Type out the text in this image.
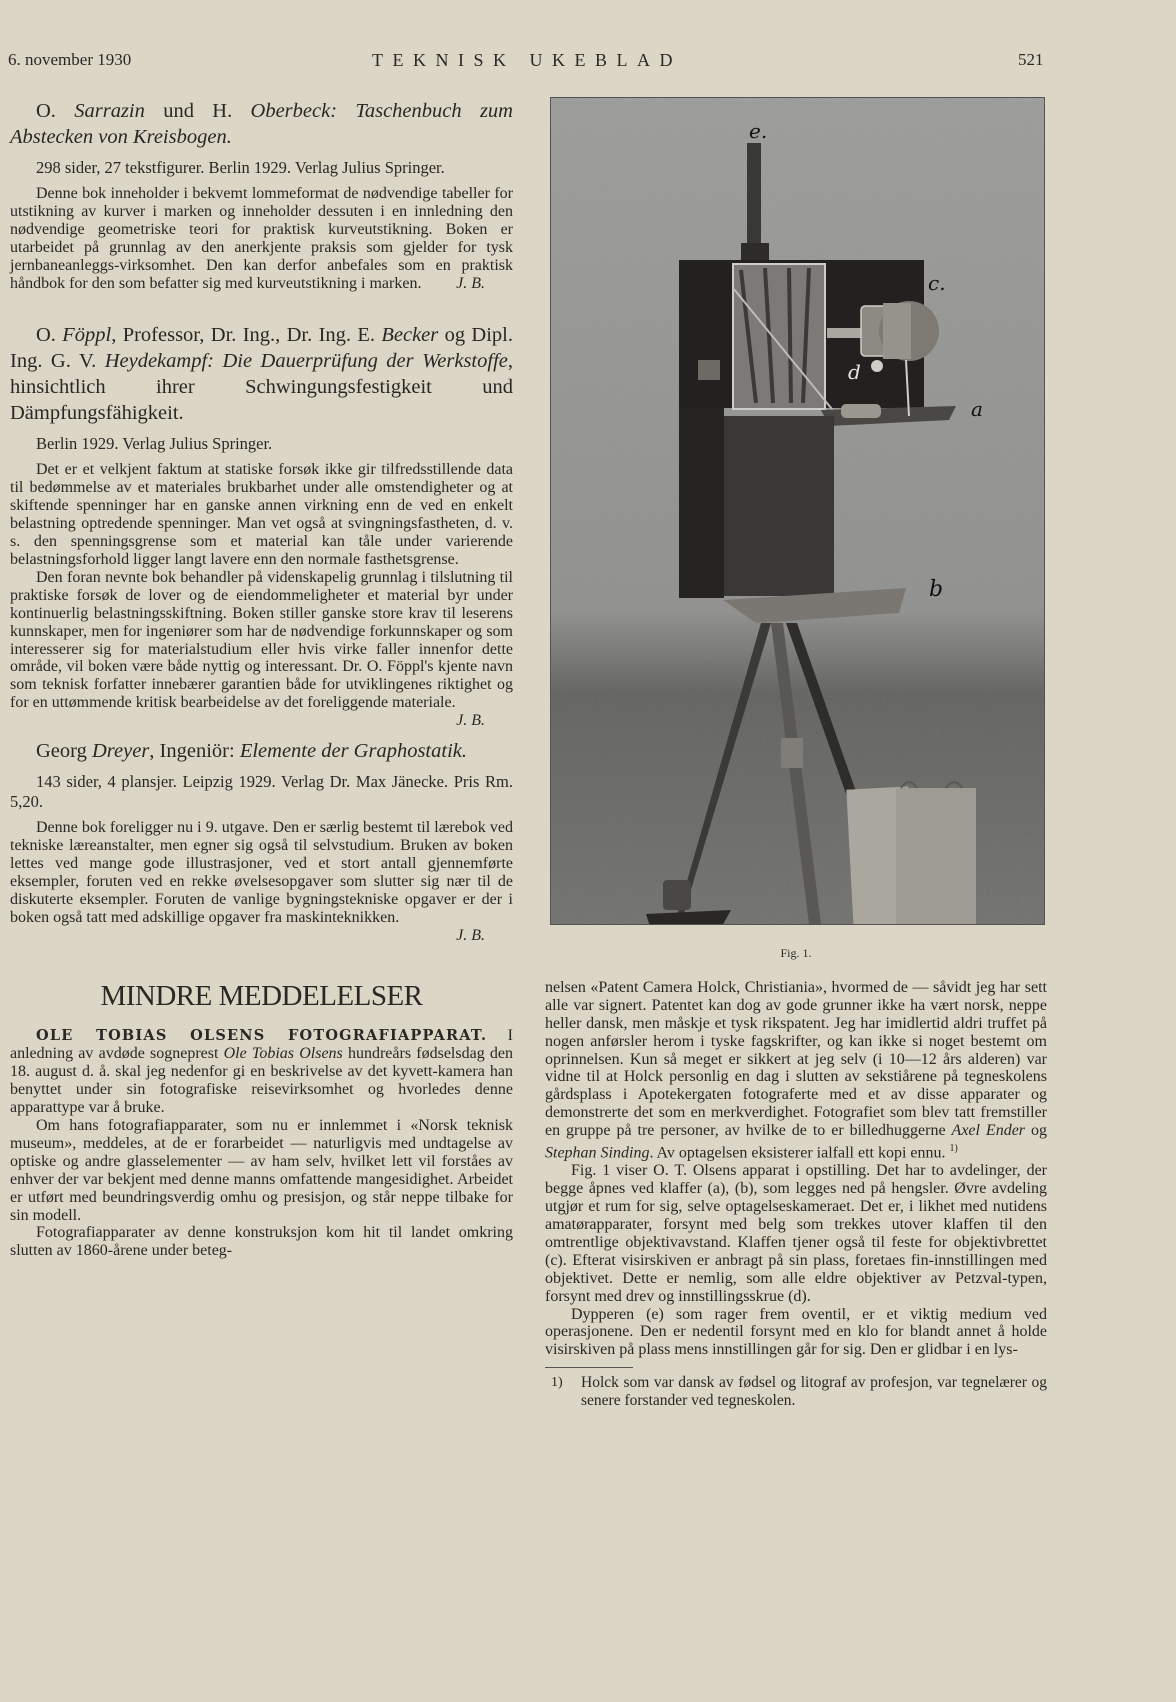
6. november 1930	TEKNISK UKEBLAD	521

O. Sarrazin und H. Oberbeck: Taschenbuch zum Abstecken von Kreisbogen.

298 sider, 27 tekstfigurer. Berlin 1929. Verlag Julius Springer.

Denne bok inneholder i bekvemt lommeformat de nødvendige tabeller for utstikning av kurver i marken og inneholder dessuten i en innledning den nødvendige geometriske teori for praktisk kurveutstikning. Boken er utarbeidet på grunnlag av den anerkjente praksis som gjelder for tysk jernbaneanleggs-virksomhet. Den kan derfor anbefales som en praktisk håndbok for den som befatter sig med kurveutstikning i marken.	J. B.

O. Föppl, Professor, Dr. Ing., Dr. Ing. E. Becker og Dipl. Ing. G. V. Heydekampf: Die Dauerprüfung der Werkstoffe, hinsichtlich ihrer Schwingungsfestigkeit und Dämpfungsfähigkeit.

Berlin 1929. Verlag Julius Springer.

Det er et velkjent faktum at statiske forsøk ikke gir tilfredsstillende data til bedømmelse av et materiales brukbarhet under alle omstendigheter og at skiftende spenninger har en ganske annen virkning enn de ved en enkelt belastning optredende spenninger. Man vet også at svingningsfastheten, d. v. s. den spenningsgrense som et material kan tåle under varierende belastningsforhold ligger langt lavere enn den normale fasthetsgrense.

Den foran nevnte bok behandler på videnskapelig grunnlag i tilslutning til praktiske forsøk de lover og de eiendommeligheter et material byr under kontinuerlig belastningsskiftning. Boken stiller ganske store krav til leserens kunnskaper, men for ingeniører som har de nødvendige forkunnskaper og som interesserer sig for materialstudium eller hvis virke faller innenfor dette område, vil boken være både nyttig og interessant. Dr. O. Föppl's kjente navn som teknisk forfatter innebærer garantien både for utviklingenes riktighet og for en uttømmende kritisk bearbeidelse av det foreliggende materiale.
J. B.

Georg Dreyer, Ingeniör: Elemente der Graphostatik.

143 sider, 4 plansjer. Leipzig 1929. Verlag Dr. Max Jänecke. Pris Rm. 5,20.

Denne bok foreligger nu i 9. utgave. Den er særlig bestemt til lærebok ved tekniske læreanstalter, men egner sig også til selvstudium. Bruken av boken lettes ved mange gode illustrasjoner, ved et stort antall gjennemførte eksempler, foruten ved en rekke øvelsesopgaver som slutter sig nær til de diskuterte eksempler. Foruten de vanlige bygningstekniske opgaver er der i boken også tatt med adskillige opgaver fra maskinteknikken.

J. B.

MINDRE MEDDELELSER

OLE TOBIAS OLSENS FOTOGRAFIAPPARAT. I anledning av avdøde sogneprest Ole Tobias Olsens hundreårs fødselsdag den 18. august d. å. skal jeg nedenfor gi en beskrivelse av det kyvett-kamera han benyttet under sin fotografiske reisevirksomhet og hvorledes denne apparattype var å bruke.

Om hans fotografiapparater, som nu er innlemmet i «Norsk teknisk museum», meddeles, at de er forarbeidet — naturligvis med undtagelse av optiske og andre glasselementer — av ham selv, hvilket lett vil forståes av enhver der var bekjent med denne manns omfattende mangesidighet. Arbeidet er utført med beundringsverdig omhu og presisjon, og står neppe tilbake for sin modell.

Fotografiapparater av denne konstruksjon kom hit til landet omkring slutten av 1860-årene under beteg-

e.
c.
d
a
b

Fig. 1.

nelsen «Patent Camera Holck, Christiania», hvormed de — såvidt jeg har sett alle var signert. Patentet kan dog av gode grunner ikke ha vært norsk, neppe heller dansk, men måskje et tysk rikspatent. Jeg har imidlertid aldri truffet på nogen anførsler herom i tyske fagskrifter, og kan ikke si noget bestemt om oprinnelsen. Kun så meget er sikkert at jeg selv (i 10—12 års alderen) var vidne til at Holck personlig en dag i slutten av sekstiårene på tegneskolens gårdsplass i Apotekergaten fotograferte med et av disse apparater og demonstrerte det som en merkverdighet. Fotografiet som blev tatt fremstiller en gruppe på tre personer, av hvilke de to er billedhuggerne Axel Ender og Stephan Sinding. Av optagelsen eksisterer ialfall ett kopi ennu. $^{1)}$

Fig. 1 viser O. T. Olsens apparat i opstilling. Det har to avdelinger, der begge åpnes ved klaffer (a), (b), som legges ned på hengsler. Øvre avdeling utgjør et rum for sig, selve optagelseskameraet. Det er, i likhet med nutidens amatørapparater, forsynt med belg som trekkes utover klaffen til den omtrentlige objektivavstand. Klaffen tjener også til feste for objektivbrettet (c). Efterat visirskiven er anbragt på sin plass, foretaes fin-innstillingen med objektivet. Dette er nemlig, som alle eldre objektiver av Petzval-typen, forsynt med drev og innstillingsskrue (d).

Dypperen (e) som rager frem oventil, er et viktig medium ved operasjonene. Den er nedentil forsynt med en klo for blandt annet å holde visirskiven på plass mens innstillingen går for sig. Den er glidbar i en lys-

1)	Holck som var dansk av fødsel og litograf av profesjon, var tegnelærer og senere forstander ved tegneskolen.
